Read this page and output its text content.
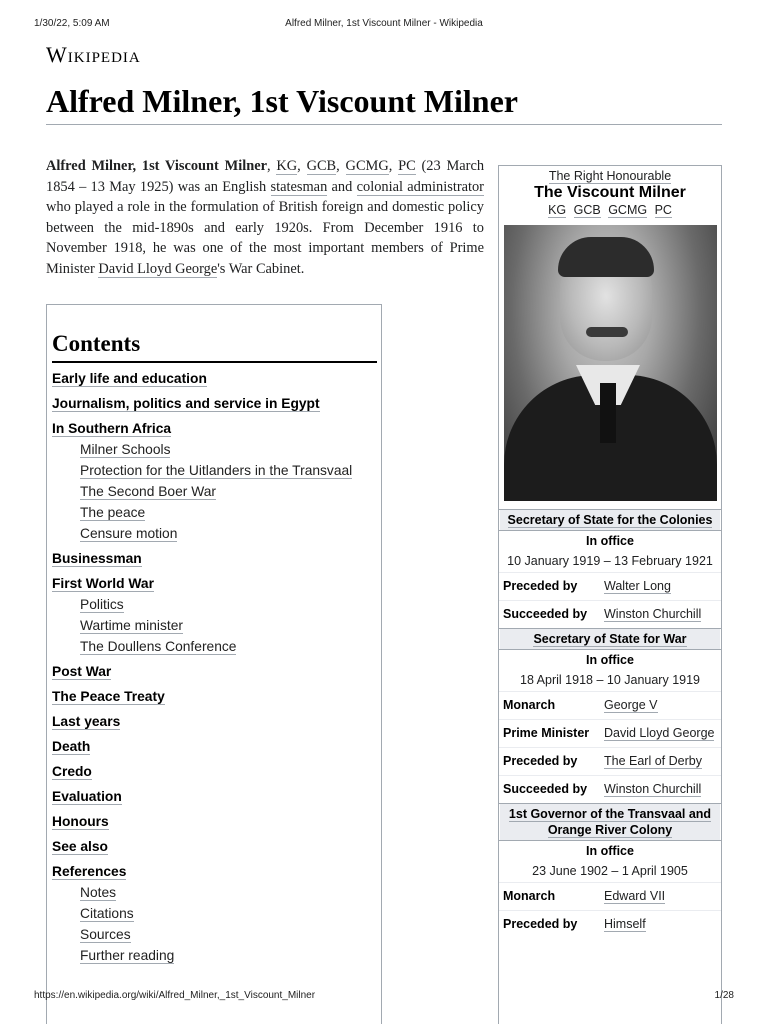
1/30/22, 5:09 AM	Alfred Milner, 1st Viscount Milner - Wikipedia
Wikipedia
Alfred Milner, 1st Viscount Milner

Alfred Milner, 1st Viscount Milner, KG, GCB, GCMG, PC (23 March 1854 – 13 May 1925) was an English statesman and colonial administrator who played a role in the formulation of British foreign and domestic policy between the mid-1890s and early 1920s. From December 1916 to November 1918, he was one of the most important members of Prime Minister David Lloyd George's War Cabinet.

Contents
Early life and education
Journalism, politics and service in Egypt
In Southern Africa
Milner Schools
Protection for the Uitlanders in the Transvaal
The Second Boer War
The peace
Censure motion
Businessman
First World War
Politics
Wartime minister
The Doullens Conference
Post War
The Peace Treaty
Last years
Death
Credo
Evaluation
Honours
See also
References
Notes
Citations
Sources
Further reading
The Right Honourable
The Viscount Milner
KG GCB GCMG PC
Secretary of State for the Colonies
In office
10 January 1919 – 13 February 1921
Preceded by	Walter Long
Succeeded by	Winston Churchill
Secretary of State for War
In office
18 April 1918 – 10 January 1919
Monarch	George V
Prime Minister	David Lloyd George
Preceded by	The Earl of Derby
Succeeded by	Winston Churchill
1st Governor of the Transvaal and Orange River Colony
In office
23 June 1902 – 1 April 1905
Monarch	Edward VII
Preceded by	Himself
https://en.wikipedia.org/wiki/Alfred_Milner,_1st_Viscount_Milner	1/28
